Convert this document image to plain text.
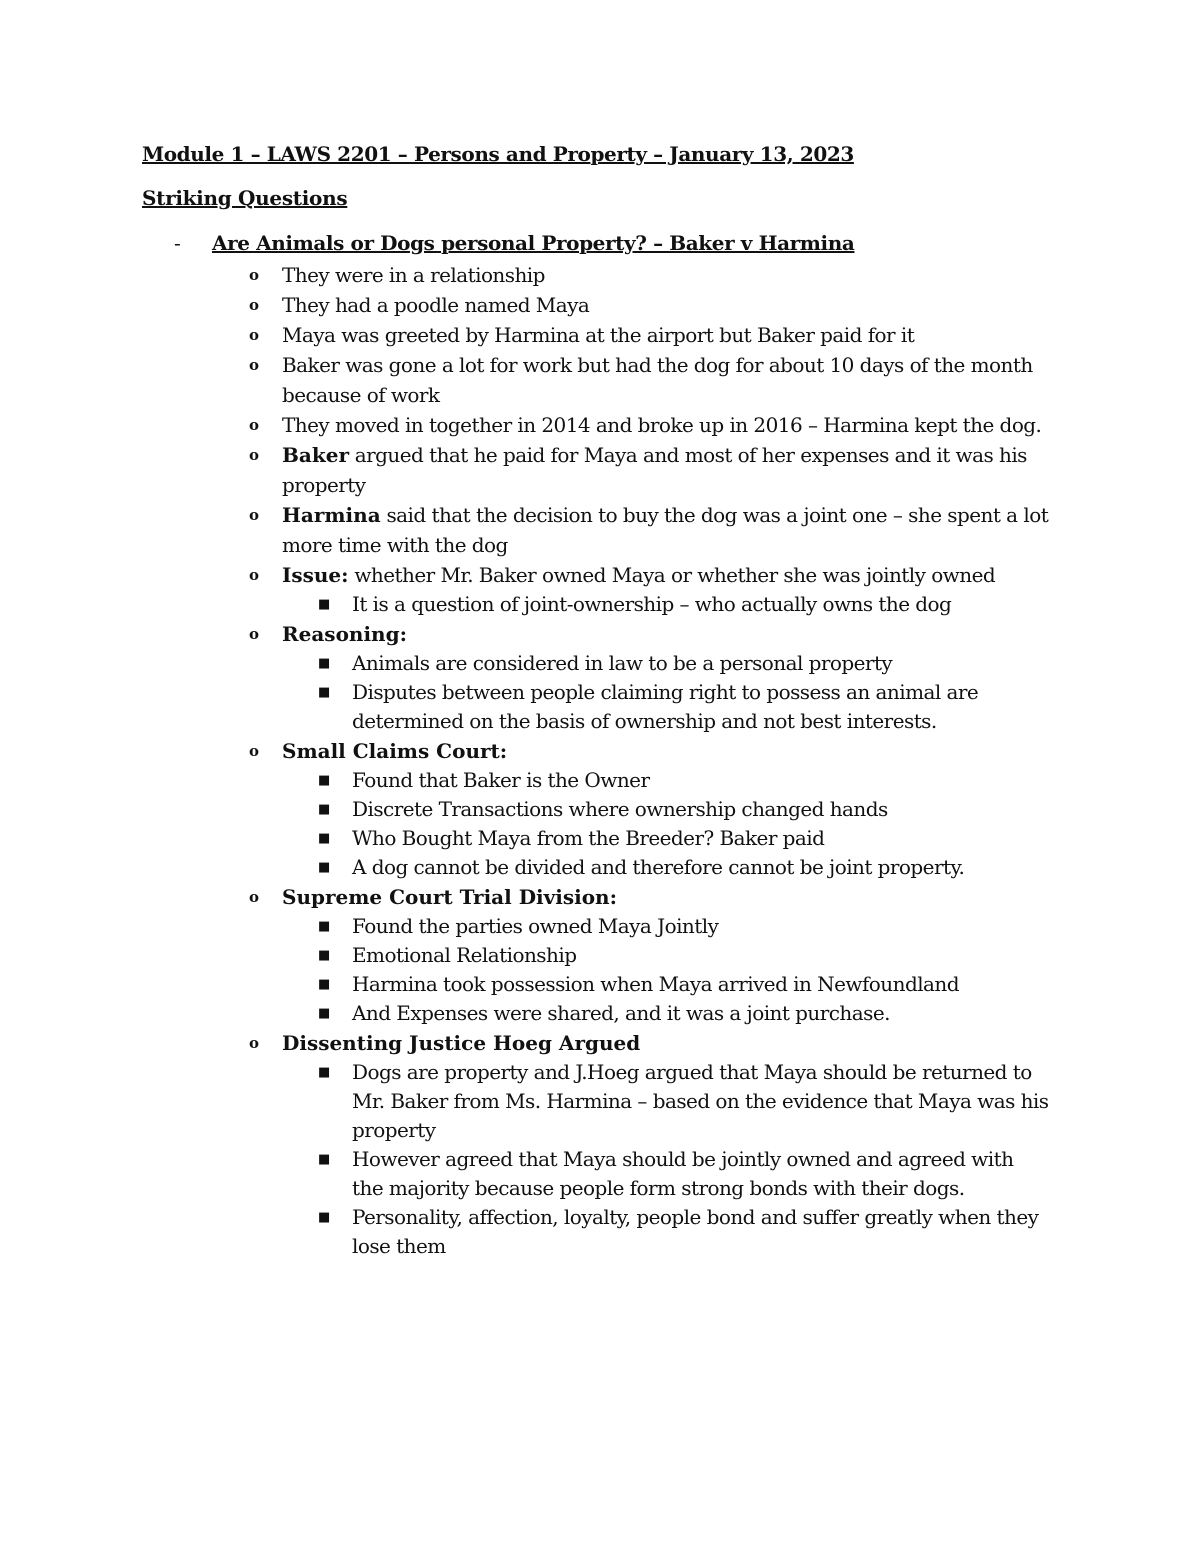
Module 1 – LAWS 2201 – Persons and Property – January 13, 2023
Striking Questions
- Are Animals or Dogs personal Property? – Baker v Harmina
o They were in a relationship
o They had a poodle named Maya
o Maya was greeted by Harmina at the airport but Baker paid for it
o Baker was gone a lot for work but had the dog for about 10 days of the month because of work
o They moved in together in 2014 and broke up in 2016 – Harmina kept the dog.
o Baker argued that he paid for Maya and most of her expenses and it was his property
o Harmina said that the decision to buy the dog was a joint one – she spent a lot more time with the dog
o Issue: whether Mr. Baker owned Maya or whether she was jointly owned
■ It is a question of joint-ownership – who actually owns the dog
o Reasoning:
■ Animals are considered in law to be a personal property
■ Disputes between people claiming right to possess an animal are determined on the basis of ownership and not best interests.
o Small Claims Court:
■ Found that Baker is the Owner
■ Discrete Transactions where ownership changed hands
■ Who Bought Maya from the Breeder? Baker paid
■ A dog cannot be divided and therefore cannot be joint property.
o Supreme Court Trial Division:
■ Found the parties owned Maya Jointly
■ Emotional Relationship
■ Harmina took possession when Maya arrived in Newfoundland
■ And Expenses were shared, and it was a joint purchase.
o Dissenting Justice Hoeg Argued
■ Dogs are property and J.Hoeg argued that Maya should be returned to Mr. Baker from Ms. Harmina – based on the evidence that Maya was his property
■ However agreed that Maya should be jointly owned and agreed with the majority because people form strong bonds with their dogs.
■ Personality, affection, loyalty, people bond and suffer greatly when they lose them
